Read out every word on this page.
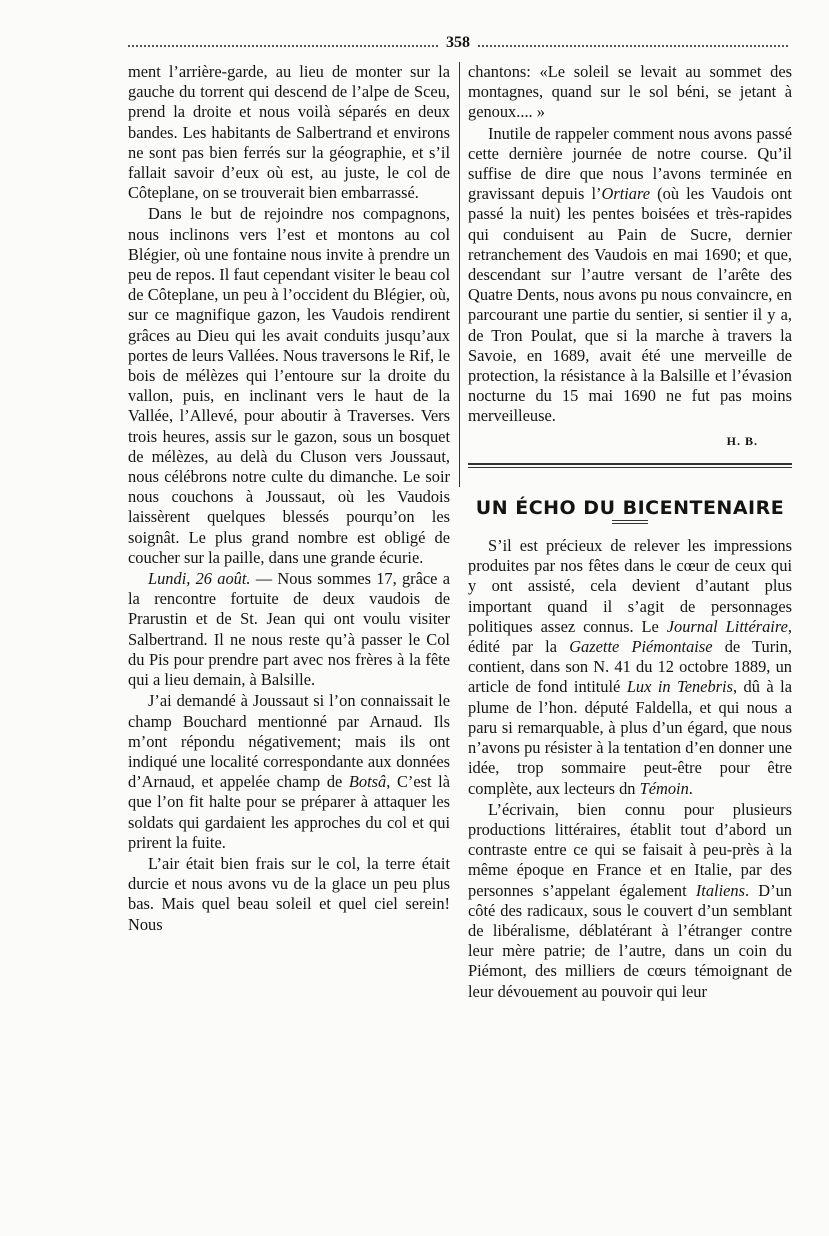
358

ment l’arrière-garde, au lieu de monter sur la gauche du torrent qui descend de l’alpe de Sceu, prend la droite et nous voilà séparés en deux bandes. Les habitants de Salbertrand et environs ne sont pas bien ferrés sur la géographie, et s’il fallait savoir d’eux où est, au juste, le col de Côteplane, on se trouverait bien embarrassé.

Dans le but de rejoindre nos compagnons, nous inclinons vers l’est et montons au col Blégier, où une fontaine nous invite à prendre un peu de repos. Il faut cependant visiter le beau col de Côteplane, un peu à l’occident du Blégier, où, sur ce magnifique gazon, les Vaudois rendirent grâces au Dieu qui les avait conduits jusqu’aux portes de leurs Vallées. Nous traversons le Rif, le bois de mélèzes qui l’entoure sur la droite du vallon, puis, en inclinant vers le haut de la Vallée, l’Allevé, pour aboutir à Traverses. Vers trois heures, assis sur le gazon, sous un bosquet de mélèzes, au delà du Cluson vers Joussaut, nous célébrons notre culte du dimanche. Le soir nous couchons à Joussaut, où les Vaudois laissèrent quelques blessés pourqu’on les soignât. Le plus grand nombre est obligé de coucher sur la paille, dans une grande écurie.

Lundi, 26 août. — Nous sommes 17, grâce a la rencontre fortuite de deux vaudois de Prarustin et de St. Jean qui ont voulu visiter Salbertrand. Il ne nous reste qu’à passer le Col du Pis pour prendre part avec nos frères à la fête qui a lieu demain, à Balsille.

J’ai demandé à Joussaut si l’on connaissait le champ Bouchard mentionné par Arnaud. Ils m’ont répondu négativement; mais ils ont indiqué une localité correspondante aux données d’Arnaud, et appelée champ de Botsâ, C’est là que l’on fit halte pour se préparer à attaquer les soldats qui gardaient les approches du col et qui prirent la fuite.

L’air était bien frais sur le col, la terre était durcie et nous avons vu de la glace un peu plus bas. Mais quel beau soleil et quel ciel serein! Nous

chantons: «Le soleil se levait au sommet des montagnes, quand sur le sol béni, se jetant à genoux.... »

Inutile de rappeler comment nous avons passé cette dernière journée de notre course. Qu’il suffise de dire que nous l’avons terminée en gravissant depuis l’Ortiare (où les Vaudois ont passé la nuit) les pentes boisées et très-rapides qui conduisent au Pain de Sucre, dernier retranchement des Vaudois en mai 1690; et que, descendant sur l’autre versant de l’arête des Quatre Dents, nous avons pu nous convaincre, en parcourant une partie du sentier, si sentier il y a, de Tron Poulat, que si la marche à travers la Savoie, en 1689, avait été une merveille de protection, la résistance à la Balsille et l’évasion nocturne du 15 mai 1690 ne fut pas moins merveilleuse.

H. B.
UN ÉCHO DU BICENTENAIRE

S’il est précieux de relever les impressions produites par nos fêtes dans le cœur de ceux qui y ont assisté, cela devient d’autant plus important quand il s’agit de personnages politiques assez connus. Le Journal Littéraire, édité par la Gazette Piémontaise de Turin, contient, dans son N. 41 du 12 octobre 1889, un article de fond intitulé Lux in Tenebris, dû à la plume de l’hon. député Faldella, et qui nous a paru si remarquable, à plus d’un égard, que nous n’avons pu résister à la tentation d’en donner une idée, trop sommaire peut-être pour être complète, aux lecteurs dn Témoin.

L’écrivain, bien connu pour plusieurs productions littéraires, établit tout d’abord un contraste entre ce qui se faisait à peu-près à la même époque en France et en Italie, par des personnes s’appelant également Italiens. D’un côté des radicaux, sous le couvert d’un semblant de libéralisme, déblatérant à l’étranger contre leur mère patrie; de l’autre, dans un coin du Piémont, des milliers de cœurs témoignant de leur dévouement au pouvoir qui leur
